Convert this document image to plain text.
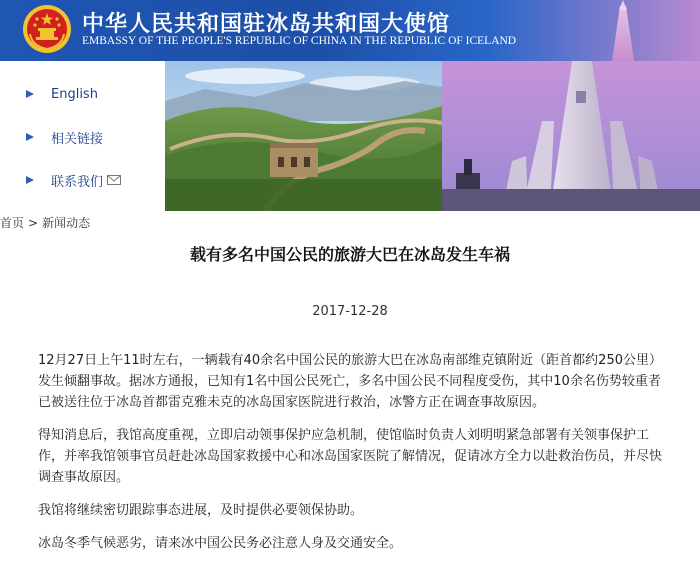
中华人民共和国驻冰岛共和国大使馆
EMBASSY OF THE PEOPLE'S REPUBLIC OF CHINA IN THE REPUBLIC OF ICELAND
English
相关链接
联系我们
首页 > 新闻动态
载有多名中国公民的旅游大巴在冰岛发生车祸
2017-12-28

12月27日上午11时左右，一辆载有40余名中国公民的旅游大巴在冰岛南部维克镇附近（距首都约250公里）发生倾翻事故。据冰方通报，已知有1名中国公民死亡，多名中国公民不同程度受伤，其中10余名伤势较重者已被送往位于冰岛首都雷克雅未克的冰岛国家医院进行救治，冰警方正在调查事故原因。

得知消息后，我馆高度重视，立即启动领事保护应急机制，使馆临时负责人刘明明紧急部署有关领事保护工作，并率我馆领事官员赶赴冰岛国家救援中心和冰岛国家医院了解情况，促请冰方全力以赴救治伤员，并尽快调查事故原因。

我馆将继续密切跟踪事态进展，及时提供必要领保协助。

冰岛冬季气候恶劣，请来冰中国公民务必注意人身及交通安全。
